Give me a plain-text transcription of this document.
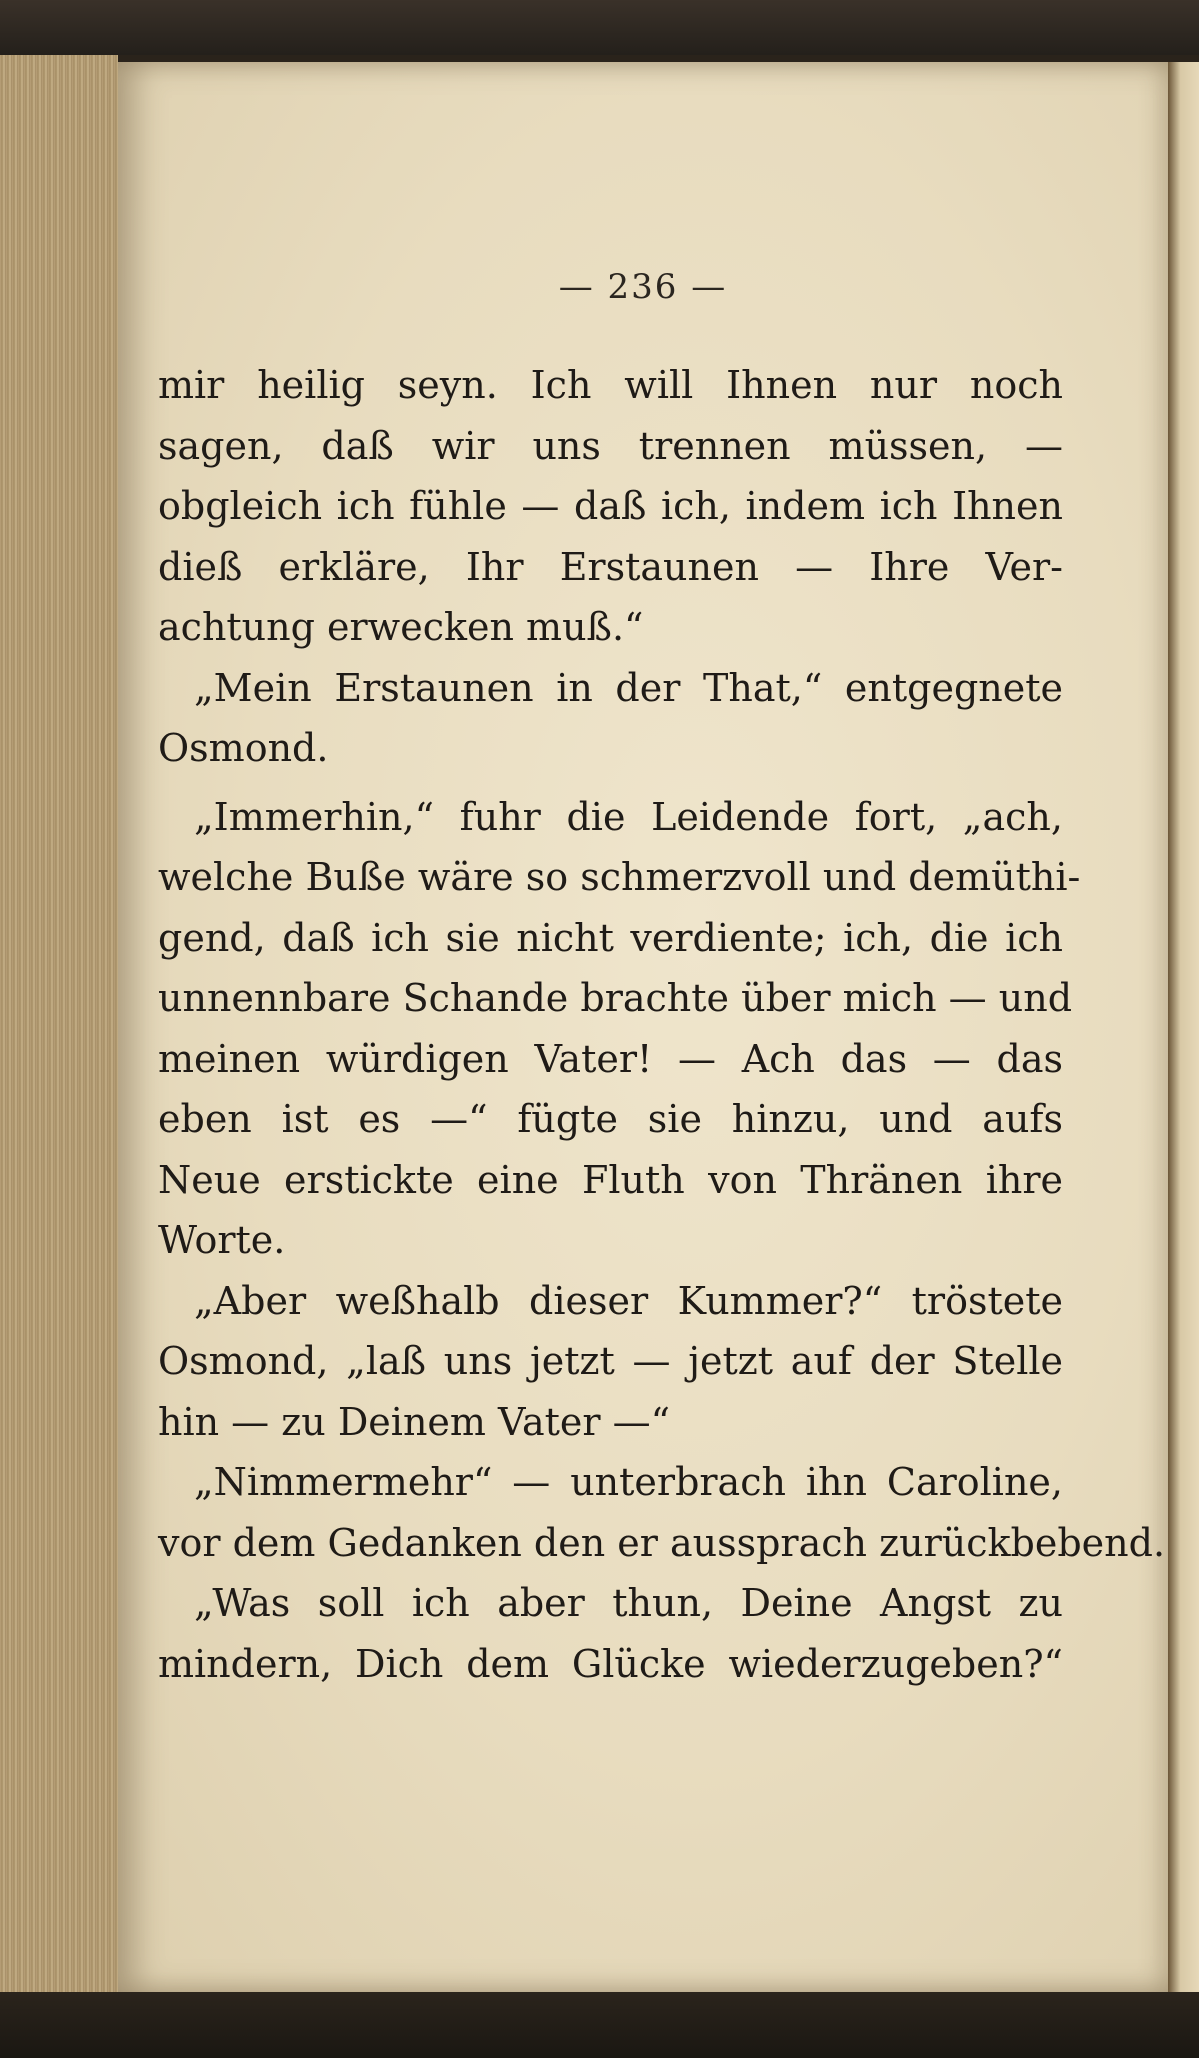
— 236 —
mir heilig seyn. Ich will Ihnen nur noch
sagen, daß wir uns trennen müssen, —
obgleich ich fühle — daß ich, indem ich Ihnen
dieß erkläre, Ihr Erstaunen — Ihre Ver-
achtung erwecken muß.“
„Mein Erstaunen in der That,“ entgegnete
Osmond.
„Immerhin,“ fuhr die Leidende fort, „ach,
welche Buße wäre so schmerzvoll und demüthi-
gend, daß ich sie nicht verdiente; ich, die ich
unnennbare Schande brachte über mich — und
meinen würdigen Vater! — Ach das — das
eben ist es —“ fügte sie hinzu, und aufs
Neue erstickte eine Fluth von Thränen ihre
Worte.
„Aber weßhalb dieser Kummer?“ tröstete
Osmond, „laß uns jetzt — jetzt auf der Stelle
hin — zu Deinem Vater —“
„Nimmermehr“ — unterbrach ihn Caroline,
vor dem Gedanken den er aussprach zurückbebend.
„Was soll ich aber thun, Deine Angst zu
mindern, Dich dem Glücke wiederzugeben?“
